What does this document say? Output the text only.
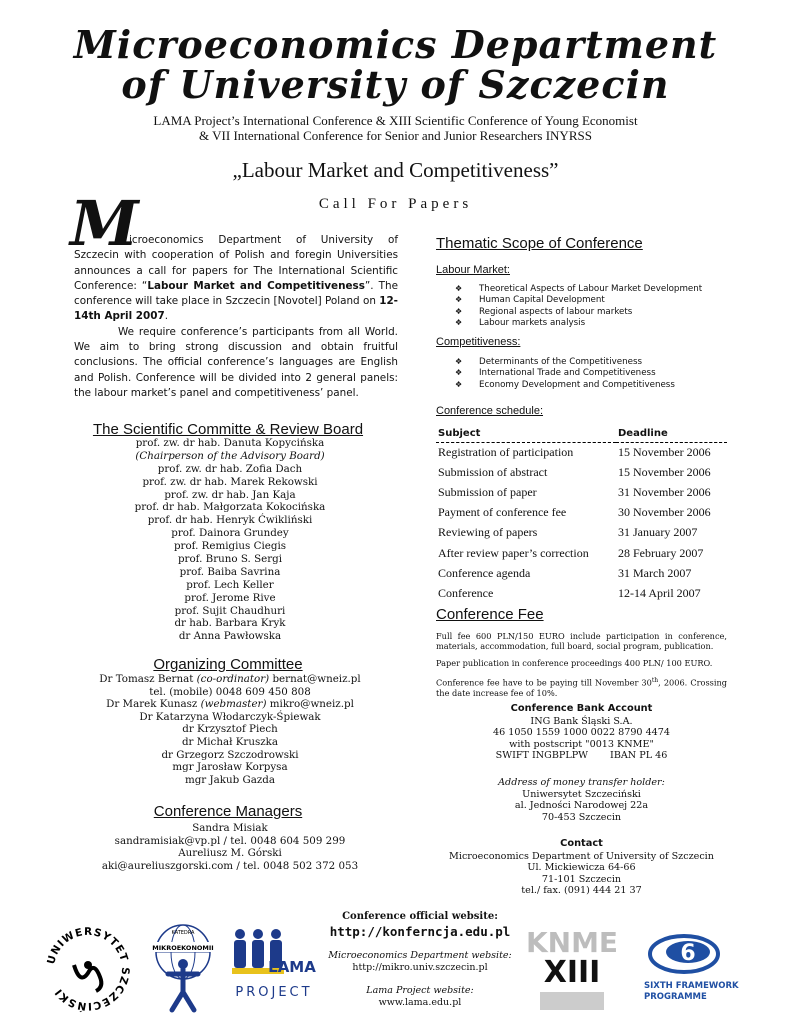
Microeconomics Department
of University of Szczecin
LAMA Project’s International Conference & XIII Scientific Conference of Young Economist
& VII International Conference for Senior and Junior Researchers INYRSS
„Labour Market and Competitiveness”
Call For Papers
M

icroeconomics Department of University of Szczecin with cooperation of Polish and foregin Universities announces a call for papers for The International Scientific Conference: “Labour Market and Competitiveness”. The conference will take place in Szczecin [Novotel] Poland on 12-14th April 2007.

We require conference’s participants from all World. We aim to bring strong discussion and obtain fruitful conclusions. The official conference’s languages are English and Polish. Conference will be divided into 2 general panels: the labour market’s panel and competitiveness’ panel.

The Scientific Committe & Review Board
prof. zw. dr hab. Danuta Kopycińska
(Chairperson of the Advisory Board)
prof. zw. dr hab. Zofia Dach
prof. zw. dr hab. Marek Rekowski
prof. zw. dr hab. Jan Kaja
prof. dr hab. Małgorzata Kokocińska
prof. dr hab. Henryk Ćwikliński
prof. Dainora Grundey
prof. Remigius Ciegis
prof. Bruno S. Sergi
prof. Baiba Savrina
prof. Lech Keller
prof. Jerome Rive
prof. Sujit Chaudhuri
dr hab. Barbara Kryk
dr Anna Pawłowska
Organizing Committee
Dr Tomasz Bernat (co-ordinator) bernat@wneiz.pl
tel. (mobile) 0048 609 450 808
Dr Marek Kunasz (webmaster) mikro@wneiz.pl
Dr Katarzyna Włodarczyk-Śpiewak
dr Krzysztof Piech
dr Michał Kruszka
dr Grzegorz Szczodrowski
mgr Jarosław Korpysa
mgr Jakub Gazda
Conference Managers
Sandra Misiak
sandramisiak@vp.pl / tel. 0048 604 509 299
Aureliusz M. Górski
aki@aureliuszgorski.com / tel. 0048 502 372 053
Thematic Scope of Conference
Labour Market:
❖ Theoretical Aspects of Labour Market Development
❖ Human Capital Development
❖ Regional aspects of labour markets
❖ Labour markets analysis
Competitiveness:
❖ Determinants of the Competitiveness
❖ International Trade and Competitiveness
❖ Economy Development and Competitiveness
Conference schedule:
Subject	Deadline
Registration of participation	15 November 2006
Submission of abstract	15 November 2006
Submission of paper	31 November 2006
Payment of conference fee	30 November 2006
Reviewing of papers	31 January 2007
After review paper’s correction	28 February 2007
Conference agenda	31 March 2007
Conference	12-14 April 2007
Conference Fee
Full fee 600 PLN/150 EURO include participation in conference, materials, accommodation, full board, social program, publication.
Paper publication in conference proceedings 400 PLN/ 100 EURO.
Conference fee have to be paying till November 30th, 2006. Crossing the date increase fee of 10%.
Conference Bank Account
ING Bank Śląski S.A.
46 1050 1559 1000 0022 8790 4474
with postscript "0013 KNME"
SWIFT INGBPLPW IBAN PL 46
Address of money transfer holder:
Uniwersytet Szczeciński
al. Jedności Narodowej 22a
70-453 Szczecin
Contact
Microeconomics Department of University of Szczecin
Ul. Mickiewicza 64-66
71-101 Szczecin
tel./ fax. (091) 444 21 37
Conference official website:
http://konferncja.edu.pl
Microeconomics Department website:
http://mikro.univ.szczecin.pl
Lama Project website:
www.lama.edu.pl
UNIWERSYTET SZCZECIŃSKI
KATEDRA
MIKROEKONOMII
LAMA
PROJECT
KNME
XIII
6
SIXTH FRAMEWORK
PROGRAMME
